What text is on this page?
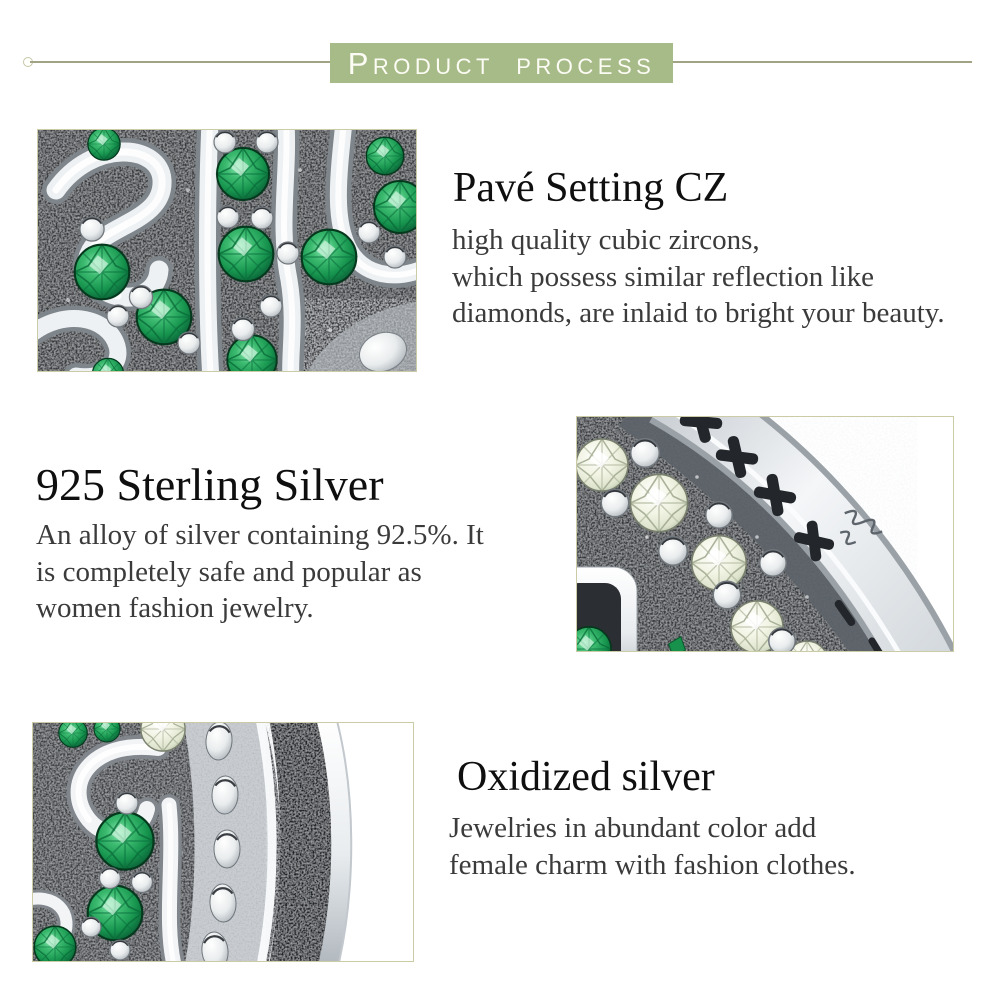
PRODUCT PROCESS

Pavé Setting CZ
high quality cubic zircons,
which possess similar reflection like
diamonds, are inlaid to bright your beauty.
925 Sterling Silver
An alloy of silver containing 92.5%. It
is completely safe and popular as
women fashion jewelry.
Oxidized silver
Jewelries in abundant color add
female charm with fashion clothes.
